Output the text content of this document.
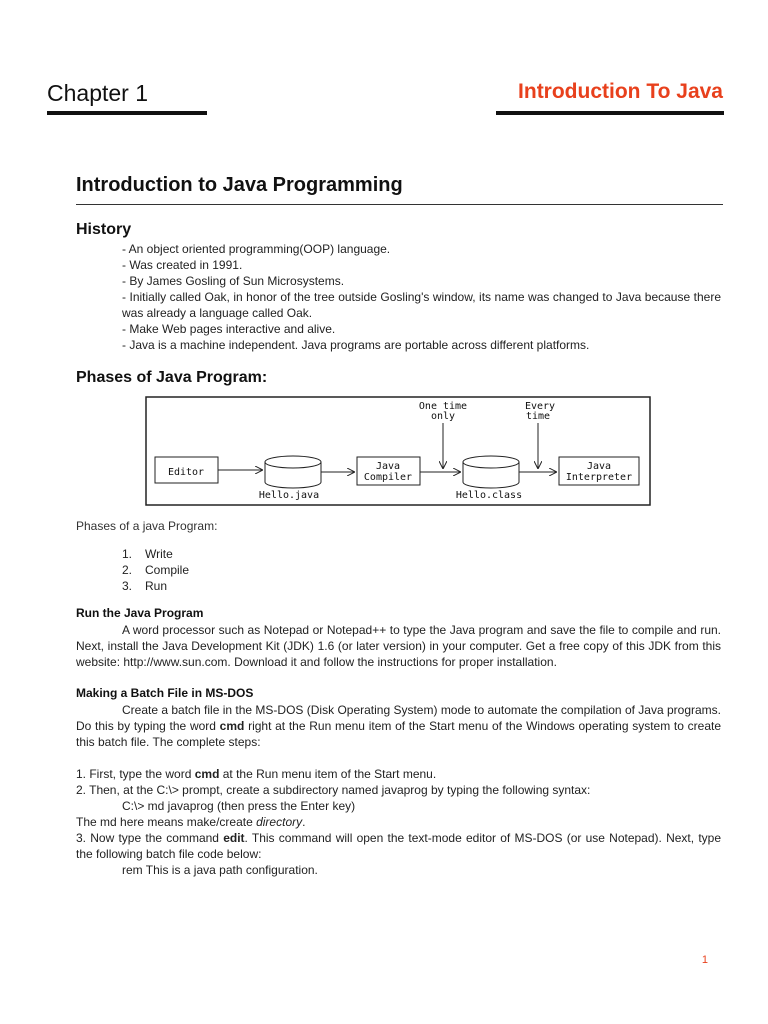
Chapter 1	Introduction To Java
Introduction to Java Programming
History
- An object oriented programming(OOP) language.
- Was created in 1991.
- By James Gosling of Sun Microsystems.
- Initially called Oak, in honor of the tree outside Gosling's window, its name was changed to Java because there was already a language called Oak.
- Make Web pages interactive and alive.
- Java is a machine independent. Java programs are portable across different platforms.
Phases of Java Program:
Editor
Hello.java
Java
Compiler
One time
only
Hello.class
Every
time
Java
Interpreter
Phases of a java Program:
1.	Write
2.	Compile
3.	Run
Run the Java Program
A word processor such as Notepad or Notepad++ to type the Java program and save the file to compile and run. Next, install the Java Development Kit (JDK) 1.6 (or later version) in your computer. Get a free copy of this JDK from this website: http://www.sun.com. Download it and follow the instructions for proper installation.
Making a Batch File in MS-DOS
Create a batch file in the MS-DOS (Disk Operating System) mode to automate the compilation of Java programs. Do this by typing the word cmd right at the Run menu item of the Start menu of the Windows operating system to create this batch file. The complete steps:
1. First, type the word cmd at the Run menu item of the Start menu.
2. Then, at the C:\> prompt, create a subdirectory named javaprog by typing the following syntax:
C:\> md javaprog (then press the Enter key)
The md here means make/create directory.
3. Now type the command edit. This command will open the text-mode editor of MS-DOS (or use Notepad). Next, type the following batch file code below:
rem This is a java path configuration.
1
